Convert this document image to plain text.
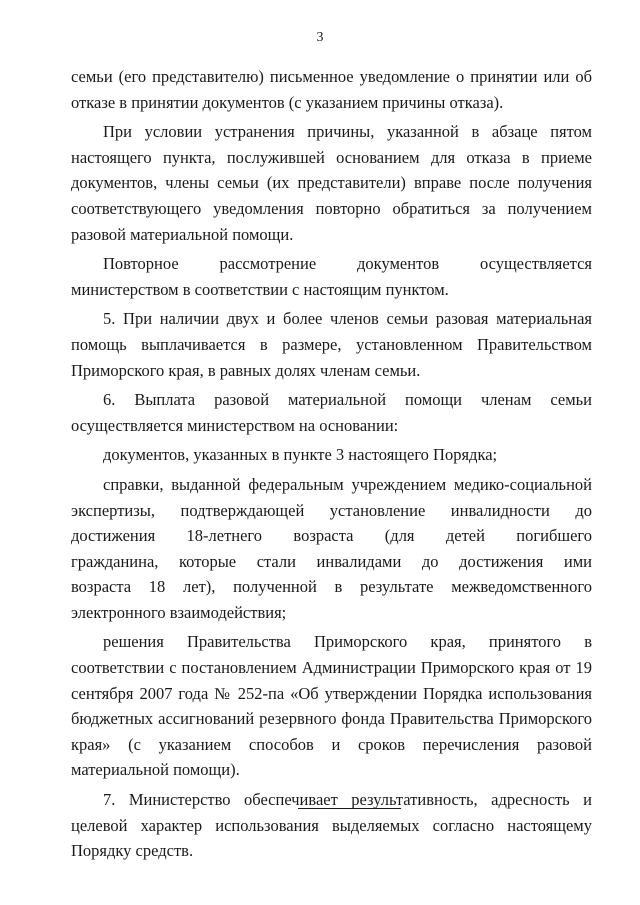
3

семьи (его представителю) письменное уведомление о принятии или об отказе в принятии документов (с указанием причины отказа).

При условии устранения причины, указанной в абзаце пятом настоящего пункта, послужившей основанием для отказа в приеме документов, члены семьи (их представители) вправе после получения соответствующего уведомления повторно обратиться за получением разовой материальной помощи.

Повторное рассмотрение документов осуществляется министерством в соответствии с настоящим пунктом.

5. При наличии двух и более членов семьи разовая материальная помощь выплачивается в размере, установленном Правительством Приморского края, в равных долях членам семьи.

6. Выплата разовой материальной помощи членам семьи осуществляется министерством на основании:

документов, указанных в пункте 3 настоящего Порядка;

справки, выданной федеральным учреждением медико-социальной экспертизы, подтверждающей установление инвалидности до достижения 18-летнего возраста (для детей погибшего гражданина, которые стали инвалидами до достижения ими возраста 18 лет), полученной в результате межведомственного электронного взаимодействия;

решения Правительства Приморского края, принятого в соответствии с постановлением Администрации Приморского края от 19 сентября 2007 года № 252-па «Об утверждении Порядка использования бюджетных ассигнований резервного фонда Правительства Приморского края» (с указанием способов и сроков перечисления разовой материальной помощи).

7. Министерство обеспечивает результативность, адресность и целевой характер использования выделяемых согласно настоящему Порядку средств.
